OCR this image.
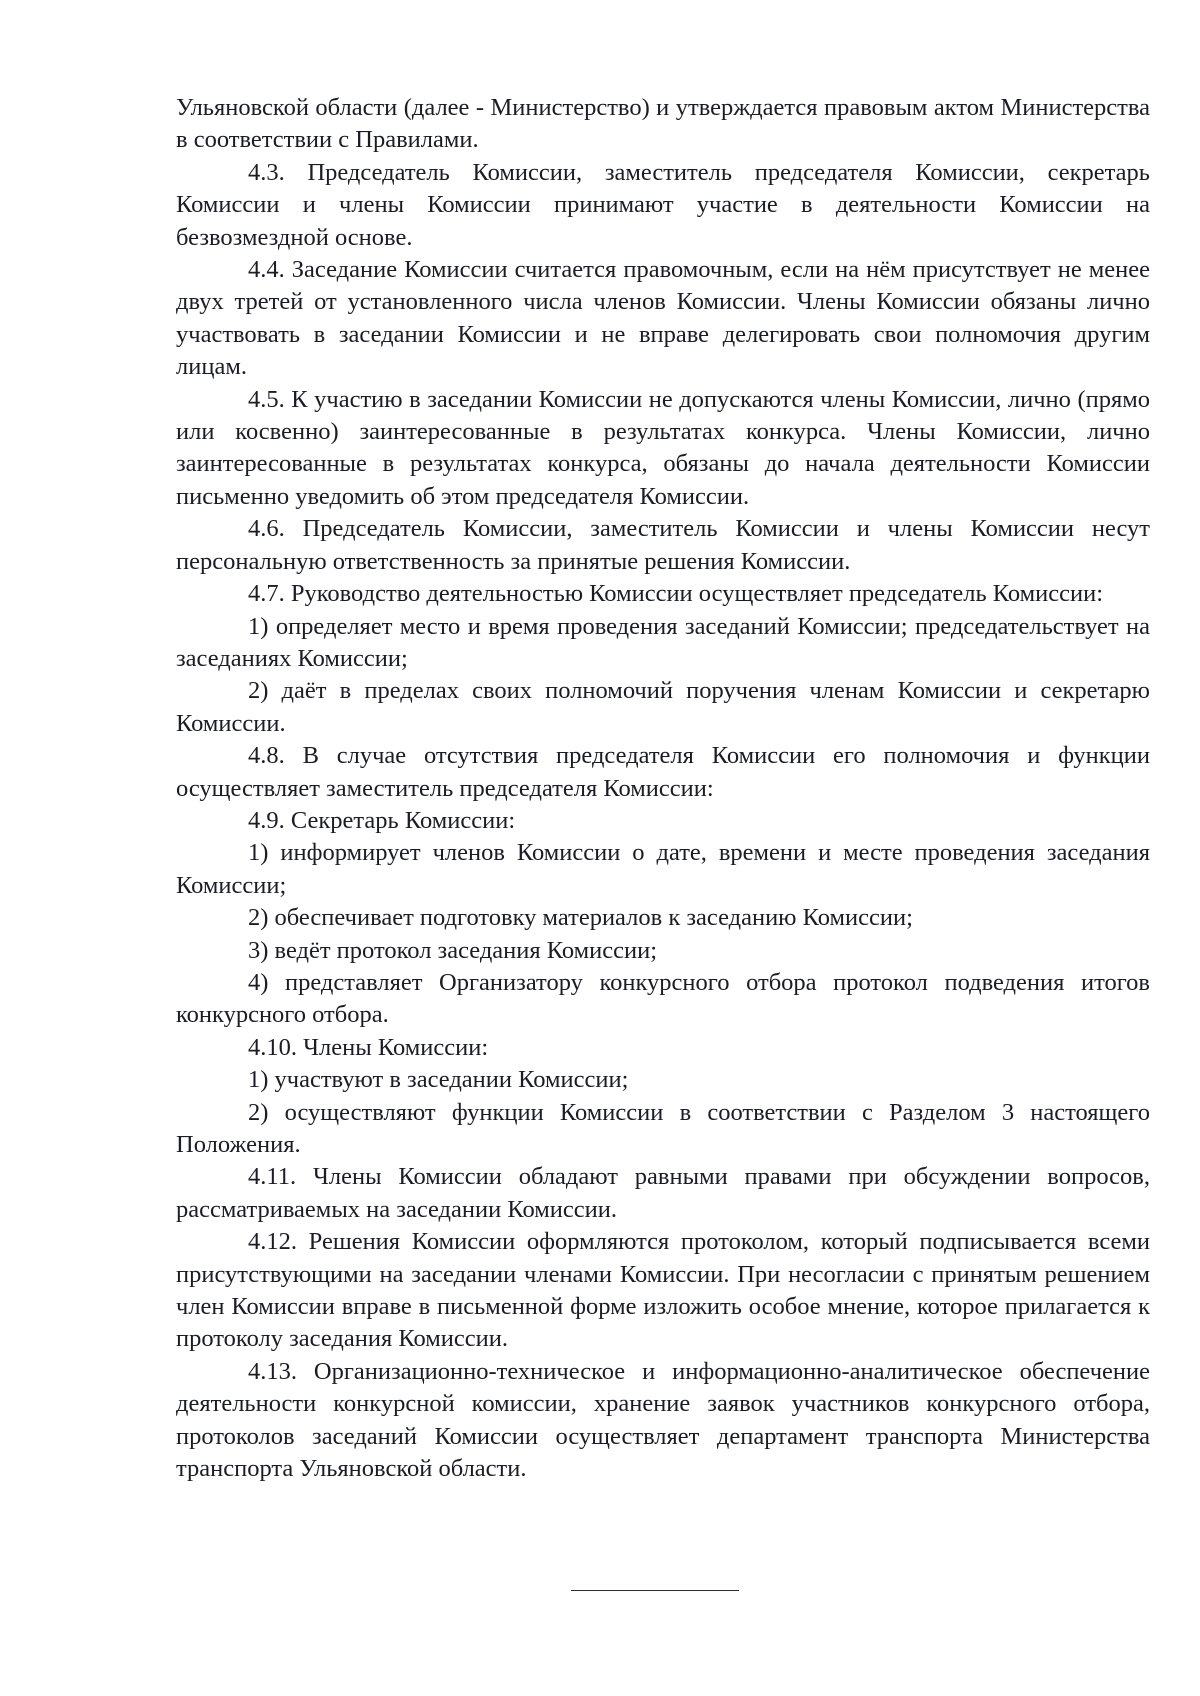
Ульяновской области (далее - Министерство) и утверждается правовым актом Министерства в соответствии с Правилами.

4.3. Председатель Комиссии, заместитель председателя Комиссии, секретарь Комиссии и члены Комиссии принимают участие в деятельности Комиссии на безвозмездной основе.

4.4. Заседание Комиссии считается правомочным, если на нём присутствует не менее двух третей от установленного числа членов Комиссии. Члены Комиссии обязаны лично участвовать в заседании Комиссии и не вправе делегировать свои полномочия другим лицам.

4.5. К участию в заседании Комиссии не допускаются члены Комиссии, лично (прямо или косвенно) заинтересованные в результатах конкурса. Члены Комиссии, лично заинтересованные в результатах конкурса, обязаны до начала деятельности Комиссии письменно уведомить об этом председателя Комиссии.

4.6. Председатель Комиссии, заместитель Комиссии и члены Комиссии несут персональную ответственность за принятые решения Комиссии.

4.7. Руководство деятельностью Комиссии осуществляет председатель Комиссии:

1) определяет место и время проведения заседаний Комиссии; председательствует на заседаниях Комиссии;

2) даёт в пределах своих полномочий поручения членам Комиссии и секретарю Комиссии.

4.8. В случае отсутствия председателя Комиссии его полномочия и функции осуществляет заместитель председателя Комиссии:

4.9. Секретарь Комиссии:

1) информирует членов Комиссии о дате, времени и месте проведения заседания Комиссии;

2) обеспечивает подготовку материалов к заседанию Комиссии;

3) ведёт протокол заседания Комиссии;

4) представляет Организатору конкурсного отбора протокол подведения итогов конкурсного отбора.

4.10. Члены Комиссии:

1) участвуют в заседании Комиссии;

2) осуществляют функции Комиссии в соответствии с Разделом 3 настоящего Положения.

4.11. Члены Комиссии обладают равными правами при обсуждении вопросов, рассматриваемых на заседании Комиссии.

4.12. Решения Комиссии оформляются протоколом, который подписывается всеми присутствующими на заседании членами Комиссии. При несогласии с принятым решением член Комиссии вправе в письменной форме изложить особое мнение, которое прилагается к протоколу заседания Комиссии.

4.13. Организационно-техническое и информационно-аналитическое обеспечение деятельности конкурсной комиссии, хранение заявок участников конкурсного отбора, протоколов заседаний Комиссии осуществляет департамент транспорта Министерства транспорта Ульяновской области.
